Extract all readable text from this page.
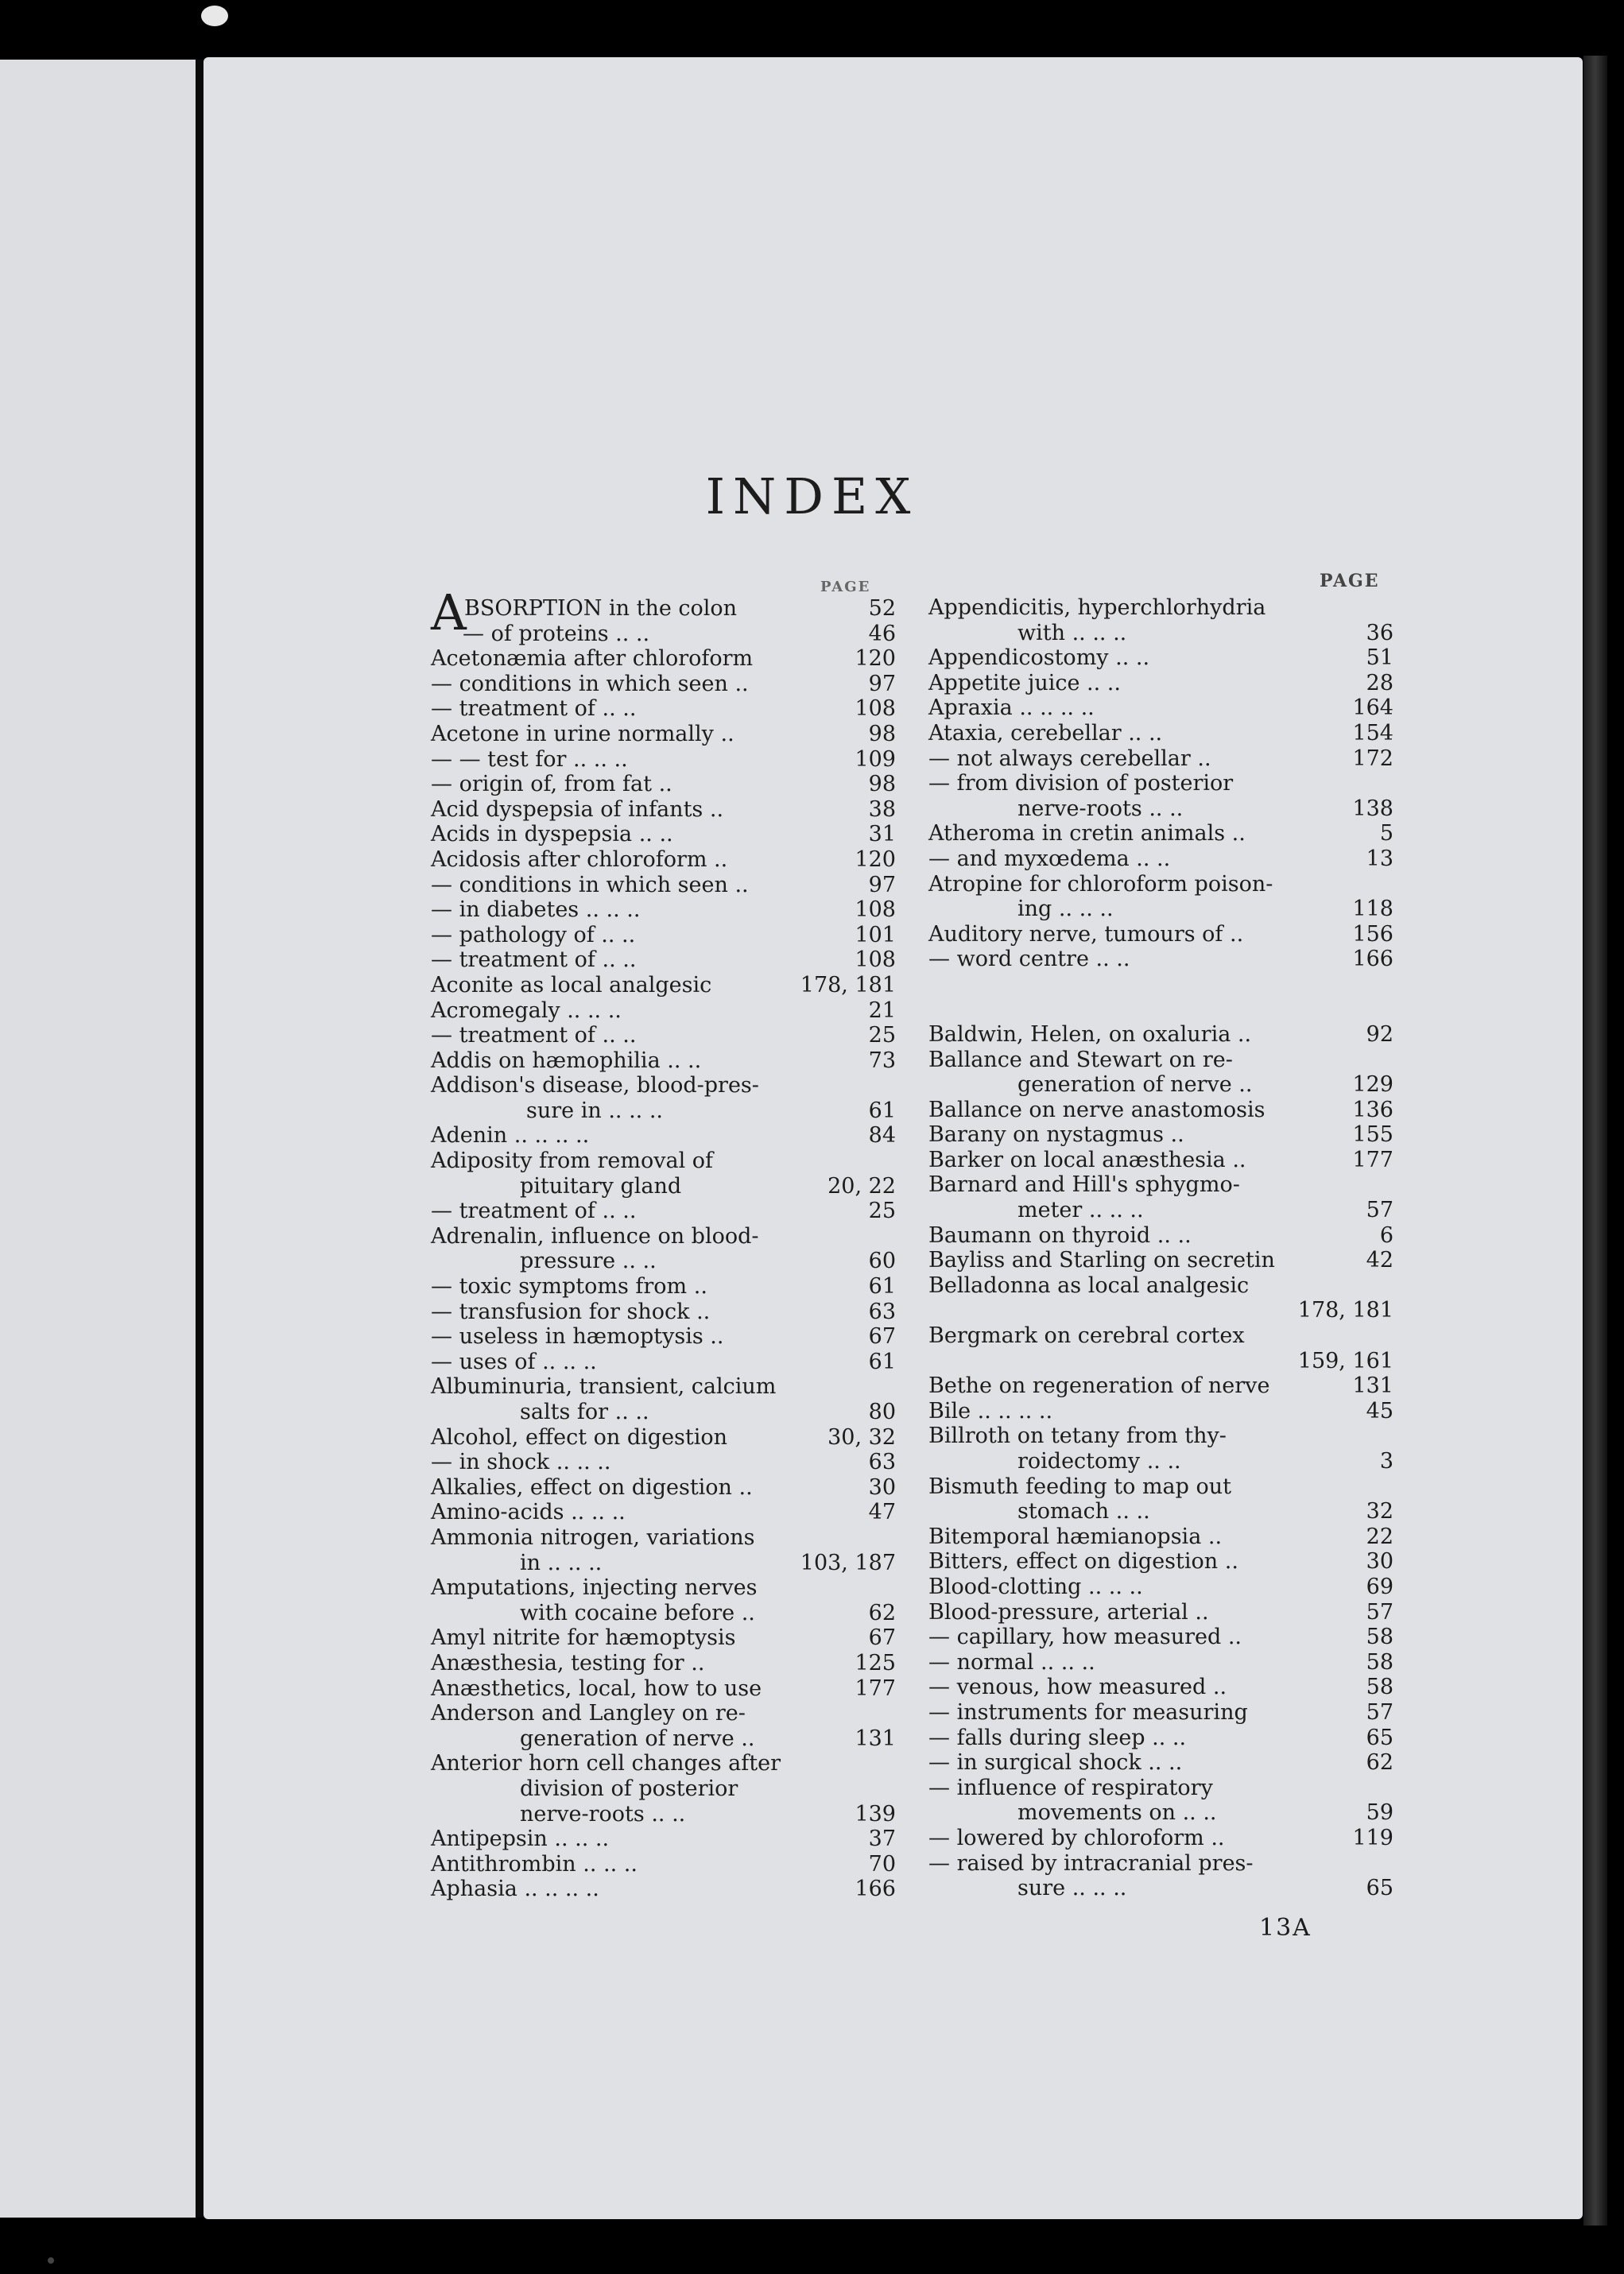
INDEX
PAGE	PAGE
A
BSORPTION in the colon	52
— of proteins .. ..	46
Acetonæmia after chloroform	120
— conditions in which seen ..	97
— treatment of .. ..	108
Acetone in urine normally ..	98
— — test for .. .. ..	109
— origin of, from fat ..	98
Acid dyspepsia of infants ..	38
Acids in dyspepsia .. ..	31
Acidosis after chloroform ..	120
— conditions in which seen ..	97
— in diabetes .. .. ..	108
— pathology of .. ..	101
— treatment of .. ..	108
Aconite as local analgesic	178, 181
Acromegaly .. .. ..	21
— treatment of .. ..	25
Addis on hæmophilia .. ..	73
Addison's disease, blood-pres-
sure in .. .. ..	61
Adenin .. .. .. ..	84
Adiposity from removal of
pituitary gland	20, 22
— treatment of .. ..	25
Adrenalin, influence on blood-
pressure .. ..	60
— toxic symptoms from ..	61
— transfusion for shock ..	63
— useless in hæmoptysis ..	67
— uses of .. .. ..	61
Albuminuria, transient, calcium
salts for .. ..	80
Alcohol, effect on digestion	30, 32
— in shock .. .. ..	63
Alkalies, effect on digestion ..	30
Amino-acids .. .. ..	47
Ammonia nitrogen, variations
in .. .. ..	103, 187
Amputations, injecting nerves
with cocaine before ..	62
Amyl nitrite for hæmoptysis	67
Anæsthesia, testing for ..	125
Anæsthetics, local, how to use	177
Anderson and Langley on re-
generation of nerve ..	131
Anterior horn cell changes after
division of posterior
nerve-roots .. ..	139
Antipepsin .. .. ..	37
Antithrombin .. .. ..	70
Aphasia .. .. .. ..	166
Appendicitis, hyperchlorhydria
with .. .. ..	36
Appendicostomy .. ..	51
Appetite juice .. ..	28
Apraxia .. .. .. ..	164
Ataxia, cerebellar .. ..	154
— not always cerebellar ..	172
— from division of posterior
nerve-roots .. ..	138
Atheroma in cretin animals ..	5
— and myxœdema .. ..	13
Atropine for chloroform poison-
ing .. .. ..	118
Auditory nerve, tumours of ..	156
— word centre .. ..	166
Baldwin, Helen, on oxaluria ..	92
Ballance and Stewart on re-
generation of nerve ..	129
Ballance on nerve anastomosis	136
Barany on nystagmus ..	155
Barker on local anæsthesia ..	177
Barnard and Hill's sphygmo-
meter .. .. ..	57
Baumann on thyroid .. ..	6
Bayliss and Starling on secretin	42
Belladonna as local analgesic
178, 181
Bergmark on cerebral cortex
159, 161
Bethe on regeneration of nerve	131
Bile .. .. .. ..	45
Billroth on tetany from thy-
roidectomy .. ..	3
Bismuth feeding to map out
stomach .. ..	32
Bitemporal hæmianopsia ..	22
Bitters, effect on digestion ..	30
Blood-clotting .. .. ..	69
Blood-pressure, arterial ..	57
— capillary, how measured ..	58
— normal .. .. ..	58
— venous, how measured ..	58
— instruments for measuring	57
— falls during sleep .. ..	65
— in surgical shock .. ..	62
— influence of respiratory
movements on .. ..	59
— lowered by chloroform ..	119
— raised by intracranial pres-
sure .. .. ..	65
13A
